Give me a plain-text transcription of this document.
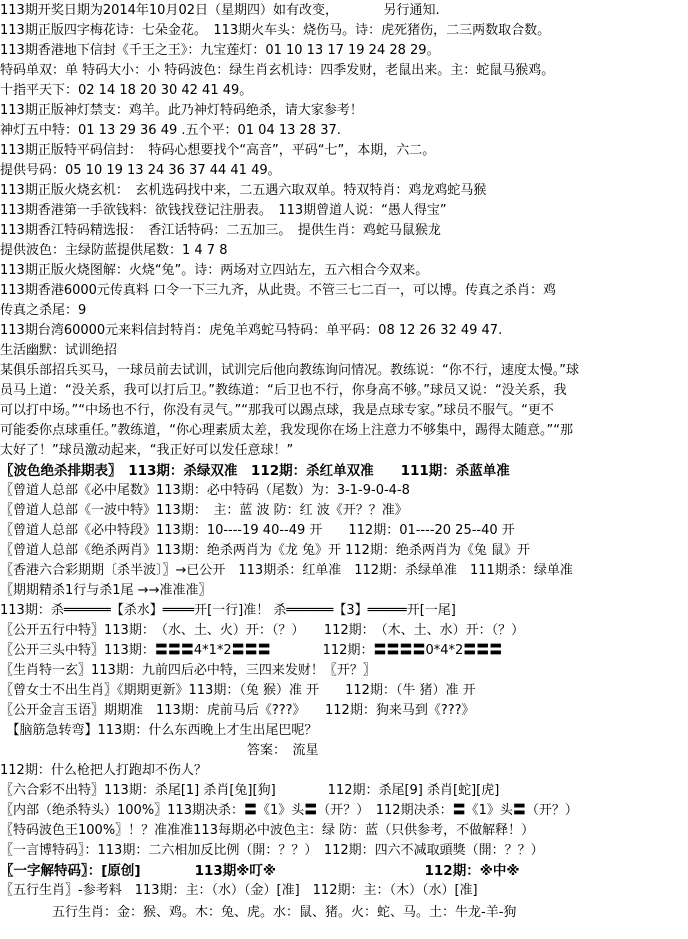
113期开奖日期为2014年10月02日（星期四）如有改变，　　　　另行通知.
113期正版四字梅花诗：七朵金花。　113期火车头：烧伤马。诗：虎死猪伤，二三两数取合数。
113期香港地下信封《千王之王》：九宝莲灯：01 10 13 17 19 24 28 29。
特码单双：单 特码大小：小 特码波色：绿生肖玄机诗：四季发财，老鼠出来。主：蛇鼠马猴鸡。
十指平天下：02 14 18 20 30 42 41 49。
113期正版神灯禁支：鸡羊。此乃神灯特码绝杀，请大家参考！
神灯五中特：01 13 29 36 49 .五个平：01 04 13 28 37.
113期正版特平码信封：　特码心想要找个“高音”，平码“七”，本期，六二。
提供号码：05 10 19 13 24 36 37 44 41 49。
113期正版火烧玄机：　玄机选码找中来，二五遇六取双单。特双特肖：鸡龙鸡蛇马猴
113期香港第一手欲钱料：欲钱找登记注册表。　113期曾道人说：“愚人得宝”
113期香江特码精选报：　香江话特码：二五加三。　提供生肖：鸡蛇马鼠猴龙
提供波色：主绿防蓝提供尾数：1 4 7 8
113期正版火烧图解：火烧“兔”。诗：两场对立四站左，五六相合今双来。
113期香港6000元传真料 口令一下三九齐，从此贵。不管三七二百一，可以博。传真之杀肖：鸡
传真之杀尾：9
113期台湾60000元来料信封特肖：虎兔羊鸡蛇马特码：单平码：08 12 26 32 49 47.
生活幽默：试训绝招
某俱乐部招兵买马，一球员前去试训，试训完后他向教练询问情况。教练说：“你不行，速度太慢。”球
员马上道：“没关系，我可以打后卫。”教练道：“后卫也不行，你身高不够。”球员又说：“没关系，我
可以打中场。”“中场也不行，你没有灵气。”“那我可以踢点球，我是点球专家。”球员不服气。“更不
可能委你点球重任。”教练道，“你心理素质太差，我发现你在场上注意力不够集中，踢得太随意。”“那
太好了！”球员激动起来，“我正好可以发任意球！”
〖波色绝杀排期表〗　113期：杀绿双准　112期：杀红单双准　　111期：杀蓝单准
〖曾道人总部《必中尾数》113期：必中特码（尾数）为：3-1-9-0-4-8
〖曾道人总部《一波中特》113期：　主：蓝 波 防：红 波《开？？准》
〖曾道人总部《必中特段》113期：10----19 40--49 开　　112期：01----20 25--40 开
〖曾道人总部《绝杀两肖》113期：绝杀两肖为《龙 兔》开 112期：绝杀两肖为《兔 鼠》开
〖香港六合彩期期〔杀半波〕〗→已公开　113期杀：红单准　112期：杀绿单准　111期杀：绿单准
〖期期精杀1行与杀1尾 →→准准准〗
113期：杀══════【杀水】════开[一行]准！ 杀══════【3】═════开[一尾]
〖公开五行中特〗113期：　（水、土、火）开：（？）　　112期：　（木、土、水）开：（？）
〖公开三头中特〗113期：〓〓〓4*1*2〓〓〓　　　　112期：〓〓〓〓0*4*2〓〓〓
〖生肖特一玄〗113期：九前四后必中特，三四来发财！〖开？〗
〖曾女士不出生肖〗《期期更新》113期：（兔 猴）准 开　　112期：（牛 猪）准 开
〖公开金言玉语〗期期准　113期：虎前马后《???》　　112期：狗来马到《???》
　【脑筋急转弯】113期：什么东西晚上才生出尾巴呢？
　　　　　　　　　　　　　　　　　　　答案：　流星
112期：什么枪把人打跑却不伤人？
〖六合彩不出特〗113期：杀尾[1] 杀肖[兔][狗]　　　　112期：杀尾[9] 杀肖[蛇][虎]
〖内部（绝杀特头）100%〗113期决杀：〓《1》头〓（开？）　112期决杀：〓《1》头〓（开？）
〖特码波色王100%〗！？准准准113每期必中波色主：绿 防：蓝（只供参考，不做解释！）
〖一言博特码〗：113期：二六相加反比例（開：？？）　112期：四六不减取頭獎（開：？？）
〖一字解特码〗：[原创]　　　　113期※叮※　　　　　　　　　　　112期：※中※
〖五行生肖〗-参考料　113期：主：（水）（金）[准]　112期：主：（木）（水）[准]
　　　　五行生肖：金：猴、鸡。木：兔、虎。水：鼠、猪。火：蛇、马。土：牛龙-羊-狗
